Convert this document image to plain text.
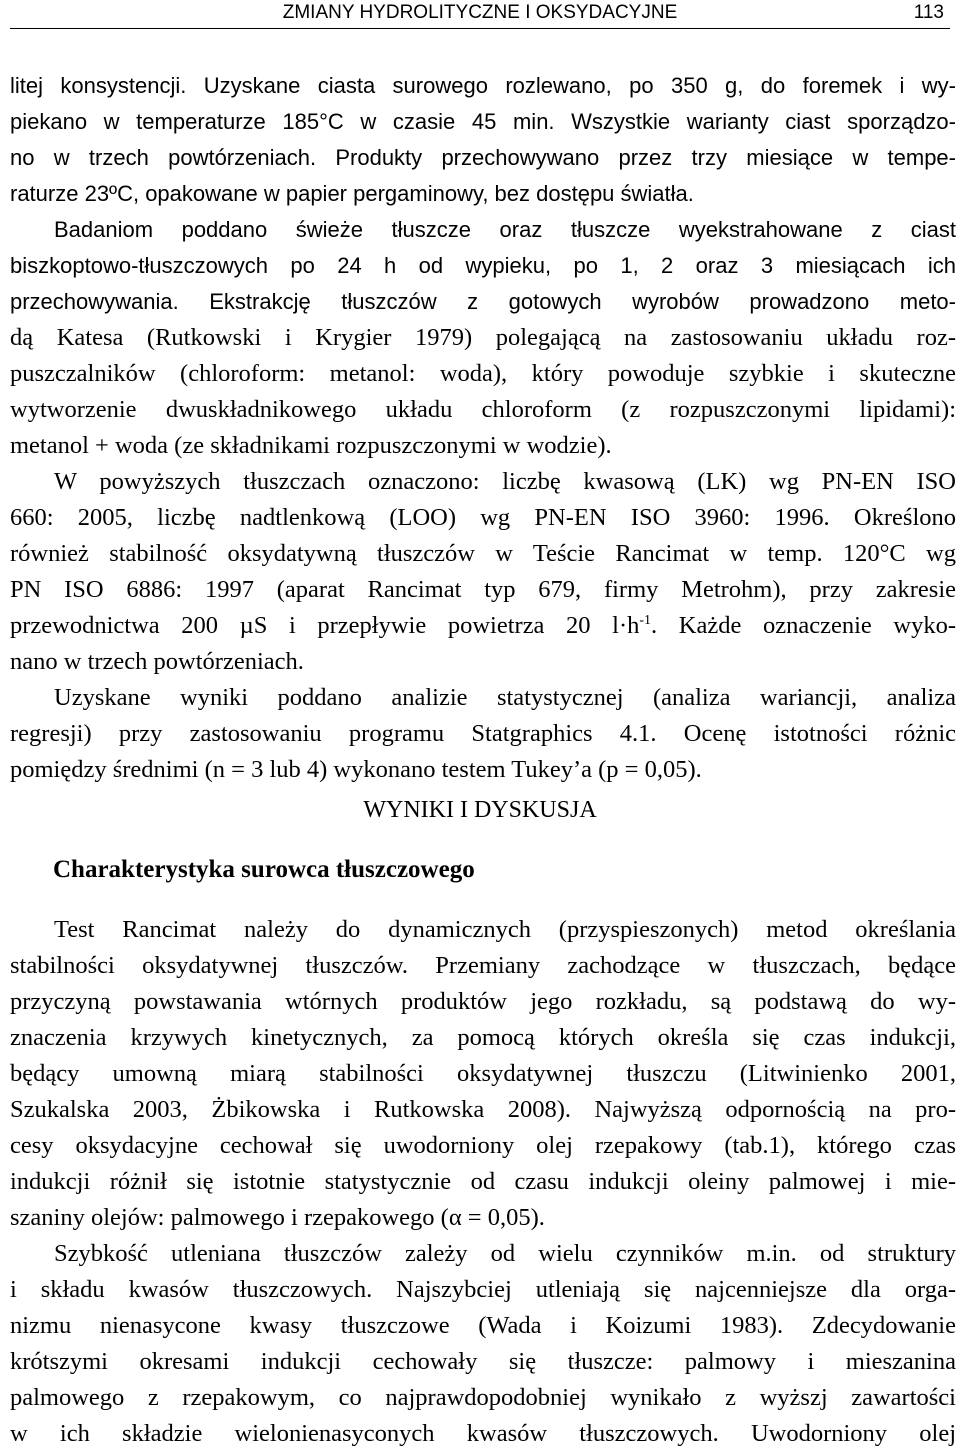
ZMIANY HYDROLITYCZNE I OKSYDACYJNE	113
litej konsystencji. Uzyskane ciasta surowego rozlewano, po 350 g, do foremek i wy-
piekano w temperaturze 185°C w czasie 45 min. Wszystkie warianty ciast sporządzo-
no w trzech powtórzeniach. Produkty przechowywano przez trzy miesiące w tempe-
raturze 23ºC, opakowane w papier pergaminowy, bez dostępu światła.
Badaniom poddano świeże tłuszcze oraz tłuszcze wyekstrahowane z ciast
biszkoptowo-tłuszczowych po 24 h od wypieku, po 1, 2 oraz 3 miesiącach ich
przechowywania. Ekstrakcję tłuszczów z gotowych wyrobów prowadzono meto-
dą Katesa (Rutkowski i Krygier 1979) polegającą na zastosowaniu układu roz-
puszczalników (chloroform: metanol: woda), który powoduje szybkie i skuteczne
wytworzenie dwuskładnikowego układu chloroform (z rozpuszczonymi lipidami):
metanol + woda (ze składnikami rozpuszczonymi w wodzie).
W powyższych tłuszczach oznaczono: liczbę kwasową (LK) wg PN-EN ISO
660: 2005, liczbę nadtlenkową (LOO) wg PN-EN ISO 3960: 1996. Określono
również stabilność oksydatywną tłuszczów w Teście Rancimat w temp. 120°C wg
PN ISO 6886: 1997 (aparat Rancimat typ 679, firmy Metrohm), przy zakresie
przewodnictwa 200 µS i przepływie powietrza 20 $l\cdot h^{-1}$. Każde oznaczenie wyko-
nano w trzech powtórzeniach.
Uzyskane wyniki poddano analizie statystycznej (analiza wariancji, analiza
regresji) przy zastosowaniu programu Statgraphics 4.1. Ocenę istotności różnic
pomiędzy średnimi (n = 3 lub 4) wykonano testem Tukey’a (p = 0,05).
WYNIKI I DYSKUSJA
Charakterystyka surowca tłuszczowego
Test Rancimat należy do dynamicznych (przyspieszonych) metod określania
stabilności oksydatywnej tłuszczów. Przemiany zachodzące w tłuszczach, będące
przyczyną powstawania wtórnych produktów jego rozkładu, są podstawą do wy-
znaczenia krzywych kinetycznych, za pomocą których określa się czas indukcji,
będący umowną miarą stabilności oksydatywnej tłuszczu (Litwinienko 2001,
Szukalska 2003, Żbikowska i Rutkowska 2008). Najwyższą odpornością na pro-
cesy oksydacyjne cechował się uwodorniony olej rzepakowy (tab.1), którego czas
indukcji różnił się istotnie statystycznie od czasu indukcji oleiny palmowej i mie-
szaniny olejów: palmowego i rzepakowego (α = 0,05).
Szybkość utleniana tłuszczów zależy od wielu czynników m.in. od struktury
i składu kwasów tłuszczowych. Najszybciej utleniają się najcenniejsze dla orga-
nizmu nienasycone kwasy tłuszczowe (Wada i Koizumi 1983). Zdecydowanie
krótszymi okresami indukcji cechowały się tłuszcze: palmowy i mieszanina
palmowego z rzepakowym, co najprawdopodobniej wynikało z wyższj zawartości
w ich składzie wielonienasyconych kwasów tłuszczowych. Uwodorniony olej
